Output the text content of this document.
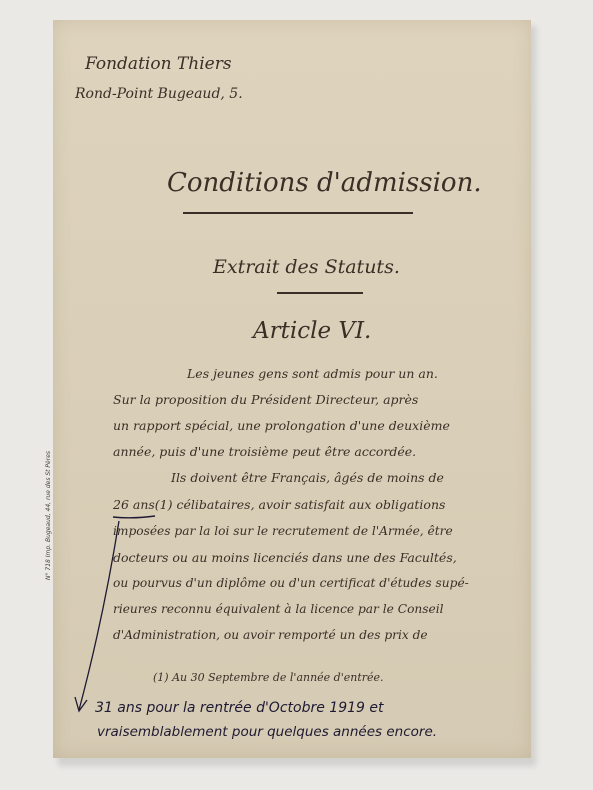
Fondation Thiers
Rond-Point Bugeaud, 5.
Conditions d'admission.
Extrait des Statuts.
Article VI.
Les jeunes gens sont admis pour un an.
Sur la proposition du Président Directeur, après
un rapport spécial, une prolongation d'une deuxième
année, puis d'une troisième peut être accordée.
Ils doivent être Français, âgés de moins de
26 ans(1) célibataires, avoir satisfait aux obligations
imposées par la loi sur le recrutement de l'Armée, être
docteurs ou au moins licenciés dans une des Facultés,
ou pourvus d'un diplôme ou d'un certificat d'études supé-
rieures reconnu équivalent à la licence par le Conseil
d'Administration, ou avoir remporté un des prix de
(1) Au 30 Septembre de l'année d'entrée.
N° 718 Imp. Bugeaud, 44, rue des St Pères
31 ans pour la rentrée d'Octobre 1919 et
vraisemblablement pour quelques années encore.
